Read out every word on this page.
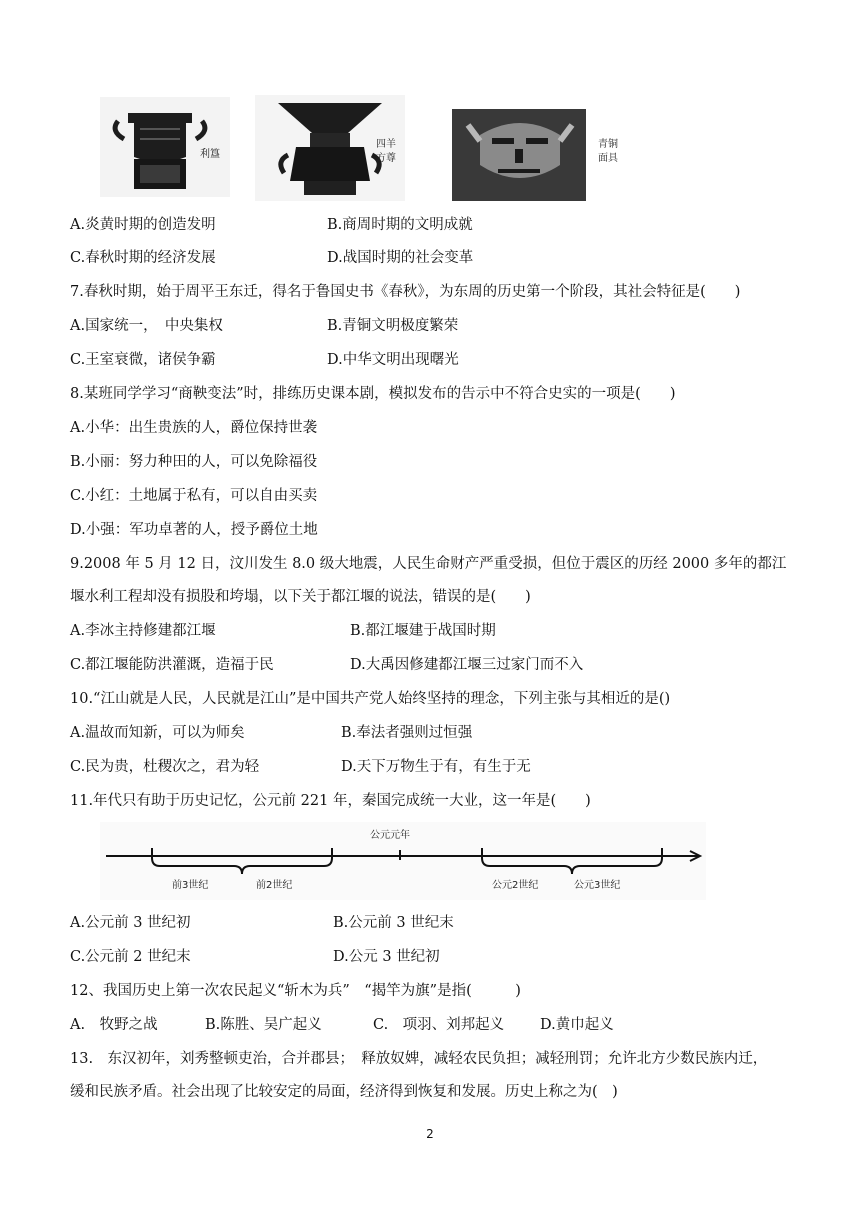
利簋
四羊
方尊
青铜
面具
A.炎黄时期的创造发明	B.商周时期的文明成就
C.春秋时期的经济发展	D.战国时期的社会变革
7.春秋时期，始于周平王东迁，得名于鲁国史书《春秋》，为东周的历史第一个阶段，其社会特征是(　　)
A.国家统一，　中央集权	B.青铜文明极度繁荣
C.王室衰微，诸侯争霸	D.中华文明出现曙光
8.某班同学学习“商鞅变法”时，排练历史课本剧，模拟发布的告示中不符合史实的一项是(　　)
A.小华：出生贵族的人，爵位保持世袭
B.小丽：努力种田的人，可以免除福役
C.小红：土地属于私有，可以自由买卖
D.小强：军功卓著的人，授予爵位土地
9.2008 年 5 月 12 日，汶川发生 8.0 级大地震，人民生命财产严重受损，但位于震区的历经 2000 多年的都江
堰水利工程却没有损股和垮塌，以下关于都江堰的说法，错误的是(　　)
A.李冰主持修建都江堰	B.都江堰建于战国时期
C.都江堰能防洪灌溉，造福于民	D.大禹因修建都江堰三过家门而不入
10.“江山就是人民，人民就是江山”是中国共产党人始终坚持的理念，下列主张与其相近的是()
A.温故而知新，可以为师矣	B.奉法者强则过恒强
C.民为贵，杜稷次之，君为轻	D.天下万物生于有，有生于无
11.年代只有助于历史记忆，公元前 221 年，秦国完成统一大业，这一年是(　　)
公元元年
前3世纪	前2世纪	公元2世纪	公元3世纪
A.公元前 3 世纪初	B.公元前 3 世纪末
C.公元前 2 世纪末	D.公元 3 世纪初
12、我国历史上第一次农民起义“斩木为兵”　“揭竿为旗”是指(　　　)
A.　牧野之战	B.陈胜、吴广起义	C.　项羽、刘邦起义 D.黄巾起义
13.　东汉初年，刘秀整顿吏治，合并郡县；　释放奴婢，减轻农民负担；减轻刑罚；允许北方少数民族内迁，
缓和民族矛盾。社会出现了比较安定的局面，经济得到恢复和发展。历史上称之为(　)
2
